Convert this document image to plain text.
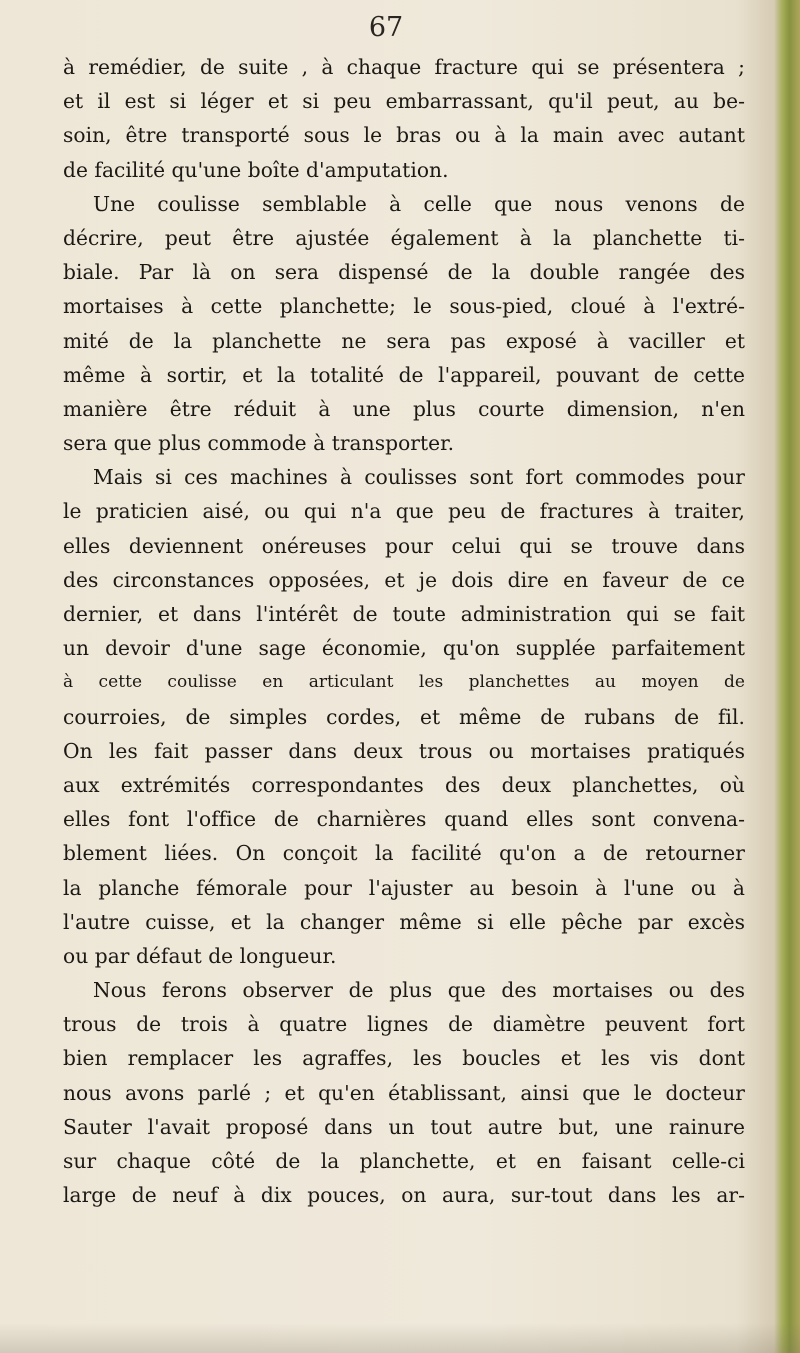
67
à remédier, de suite , à chaque fracture qui se présentera ;
et il est si léger et si peu embarrassant, qu'il peut, au be-
soin, être transporté sous le bras ou à la main avec autant
de facilité qu'une boîte d'amputation.
Une coulisse semblable à celle que nous venons de
décrire, peut être ajustée également à la planchette ti-
biale. Par là on sera dispensé de la double rangée des
mortaises à cette planchette; le sous-pied, cloué à l'extré-
mité de la planchette ne sera pas exposé à vaciller et
même à sortir, et la totalité de l'appareil, pouvant de cette
manière être réduit à une plus courte dimension, n'en
sera que plus commode à transporter.
Mais si ces machines à coulisses sont fort commodes pour
le praticien aisé, ou qui n'a que peu de fractures à traiter,
elles deviennent onéreuses pour celui qui se trouve dans
des circonstances opposées, et je dois dire en faveur de ce
dernier, et dans l'intérêt de toute administration qui se fait
un devoir d'une sage économie, qu'on supplée parfaitement
à cette coulisse en articulant les planchettes au moyen de
courroies, de simples cordes, et même de rubans de fil.
On les fait passer dans deux trous ou mortaises pratiqués
aux extrémités correspondantes des deux planchettes, où
elles font l'office de charnières quand elles sont convena-
blement liées. On conçoit la facilité qu'on a de retourner
la planche fémorale pour l'ajuster au besoin à l'une ou à
l'autre cuisse, et la changer même si elle pêche par excès
ou par défaut de longueur.
Nous ferons observer de plus que des mortaises ou des
trous de trois à quatre lignes de diamètre peuvent fort
bien remplacer les agraffes, les boucles et les vis dont
nous avons parlé ; et qu'en établissant, ainsi que le docteur
Sauter l'avait proposé dans un tout autre but, une rainure
sur chaque côté de la planchette, et en faisant celle-ci
large de neuf à dix pouces, on aura, sur-tout dans les ar-
